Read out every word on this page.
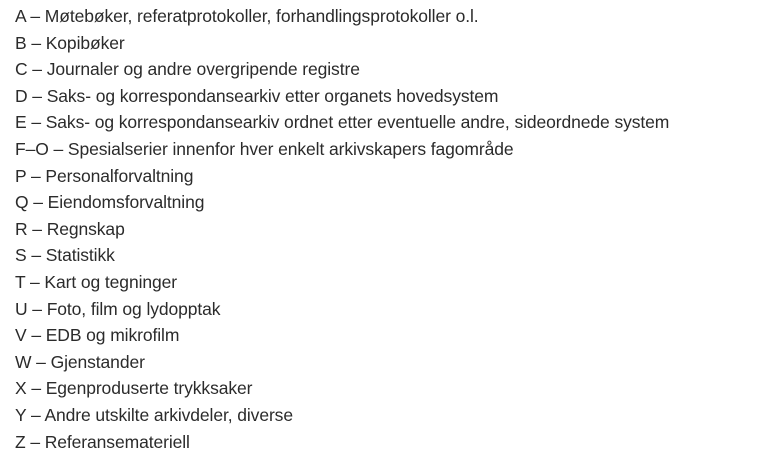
A – Møtebøker, referatprotokoller, forhandlingsprotokoller o.l.
B – Kopibøker
C – Journaler og andre overgripende registre
D – Saks- og korrespondansearkiv etter organets hovedsystem
E – Saks- og korrespondansearkiv ordnet etter eventuelle andre, sideordnede system
F–O – Spesialserier innenfor hver enkelt arkivskapers fagområde
P – Personalforvaltning
Q – Eiendomsforvaltning
R – Regnskap
S – Statistikk
T – Kart og tegninger
U – Foto, film og lydopptak
V – EDB og mikrofilm
W – Gjenstander
X – Egenproduserte trykksaker
Y – Andre utskilte arkivdeler, diverse
Z – Referansemateriell
